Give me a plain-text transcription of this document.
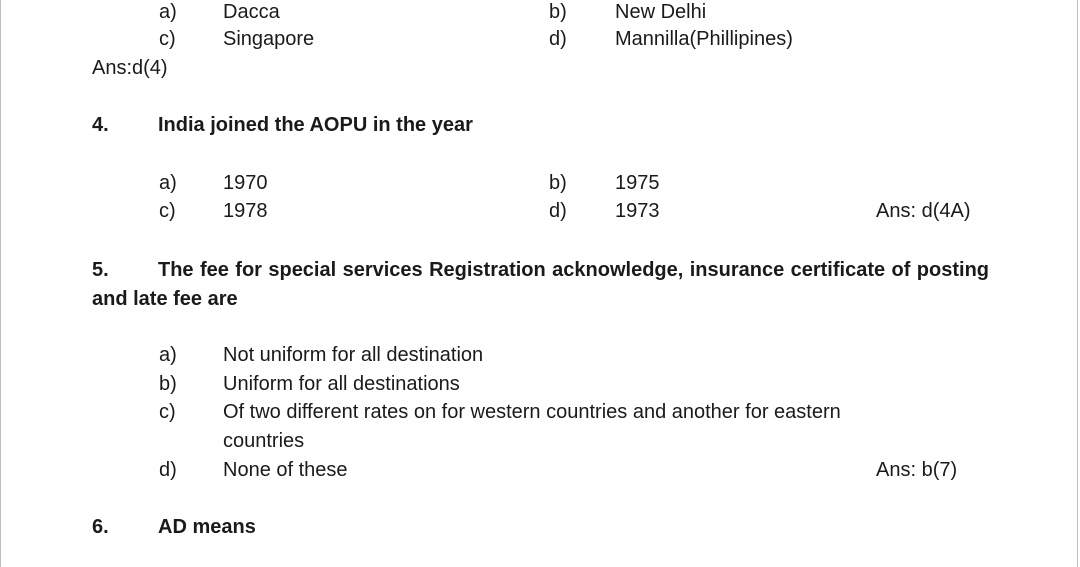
a) Dacca	b) New Delhi
c) Singapore	d) Mannilla(Phillipines)
Ans:d(4)
4. India joined the AOPU in the year
a) 1970	b) 1975
c) 1978	d) 1973	Ans: d(4A)
5. The fee for special services Registration acknowledge, insurance certificate of posting and late fee are
a) Not uniform for all destination
b) Uniform for all destinations
c) Of two different rates on for western countries and another for eastern
countries
d) None of these	Ans: b(7)
6. AD means
